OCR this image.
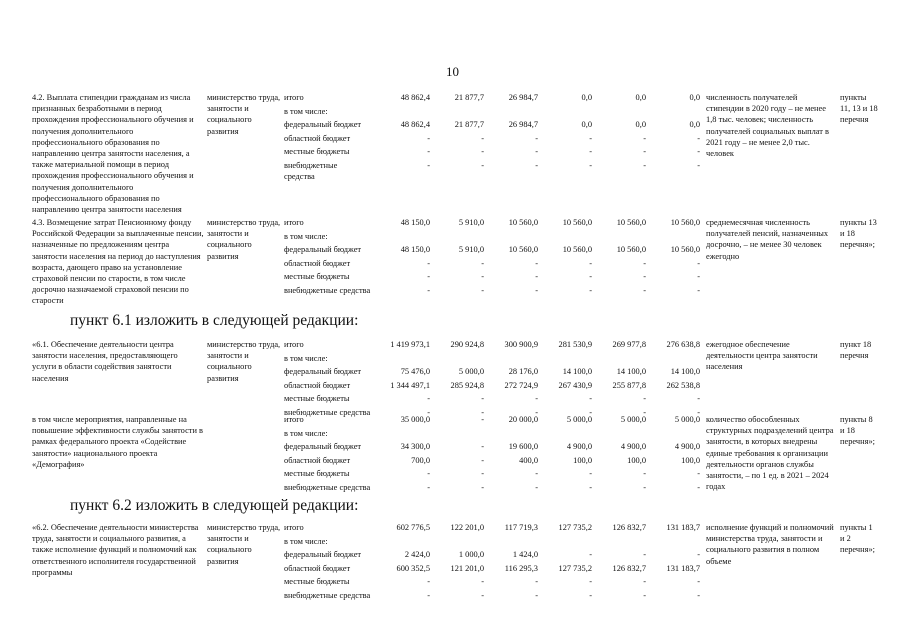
10
4.2. Выплата стипендии гражданам из числа признанных безработными в период прохождения профессионального обучения и получения дополнительного профессионального образования по направлению центра занятости населения, а также материальной помощи в период прохождения профессионального обучения и получения дополнительного профессионального образования по направлению центра занятости населения
министерство труда, занятости и социального развития
итого
в том числе:
федеральный бюджет
областной бюджет
местные бюджеты
внебюджетные средства
48 862,4
48 862,4
-
-
-
21 877,7
21 877,7
-
-
-
26 984,7
26 984,7
-
-
-
0,0
0,0
-
-
-
0,0
0,0
-
-
-
0,0
0,0
-
-
-
численность получателей стипендии в 2020 году – не менее 1,8 тыс. человек; численность получателей социальных выплат в 2021 году – не менее 2,0 тыс. человек
пункты 11, 13 и 18 перечня
4.3. Возмещение затрат Пенсионному фонду Российской Федерации за выплаченные пенсии, назначенные по предложениям центра занятости населения на период до наступления возраста, дающего право на установление страховой пенсии по старости, в том числе досрочно назначаемой страховой пенсии по старости
министерство труда, занятости и социального развития
итого
в том числе:
федеральный бюджет
областной бюджет
местные бюджеты
внебюджетные средства
48 150,0
48 150,0
-
-
-
5 910,0
5 910,0
-
-
-
10 560,0
10 560,0
-
-
-
10 560,0
10 560,0
-
-
-
10 560,0
10 560,0
-
-
-
10 560,0
10 560,0
-
-
-
среднемесячная численность получателей пенсий, назначенных досрочно, – не менее 30 человек ежегодно
пункты 13 и 18 перечня»;
пункт 6.1 изложить в следующей редакции:
«6.1. Обеспечение деятельности центра занятости населения, предоставляющего услуги в области содействия занятости населения
министерство труда, занятости и социального развития
итого
в том числе:
федеральный бюджет
областной бюджет
местные бюджеты
внебюджетные средства
1 419 973,1
75 476,0
1 344 497,1
-
-
290 924,8
5 000,0
285 924,8
-
-
300 900,9
28 176,0
272 724,9
-
-
281 530,9
14 100,0
267 430,9
-
-
269 977,8
14 100,0
255 877,8
-
-
276 638,8
14 100,0
262 538,8
-
-
ежегодное обеспечение деятельности центра занятости населения
пункт 18 перечня
в том числе мероприятия, направленные на повышение эффективности службы занятости в рамках федерального проекта «Содействие занятости» национального проекта «Демография»
итого
в том числе:
федеральный бюджет
областной бюджет
местные бюджеты
внебюджетные средства
35 000,0
34 300,0
700,0
-
-
-
-
-
-
-
20 000,0
19 600,0
400,0
-
-
5 000,0
4 900,0
100,0
-
-
5 000,0
4 900,0
100,0
-
-
5 000,0
4 900,0
100,0
-
-
количество обособленных структурных подразделений центра занятости, в которых внедрены единые требования к организации деятельности органов службы занятости, – по 1 ед. в 2021 – 2024 годах
пункты 8 и 18 перечня»;
пункт 6.2 изложить в следующей редакции:
«6.2. Обеспечение деятельности министерства труда, занятости и социального развития, а также исполнение функций и полномочий как ответственного исполнителя государственной программы
министерство труда, занятости и социального развития
итого
в том числе:
федеральный бюджет
областной бюджет
местные бюджеты
внебюджетные средства
602 776,5
2 424,0
600 352,5
-
-
122 201,0
1 000,0
121 201,0
-
-
117 719,3
1 424,0
116 295,3
-
-
127 735,2
-
127 735,2
-
-
126 832,7
-
126 832,7
-
-
131 183,7
-
131 183,7
-
-
исполнение функций и полномочий министерства труда, занятости и социального развития в полном объеме
пункты 1 и 2 перечня»;
